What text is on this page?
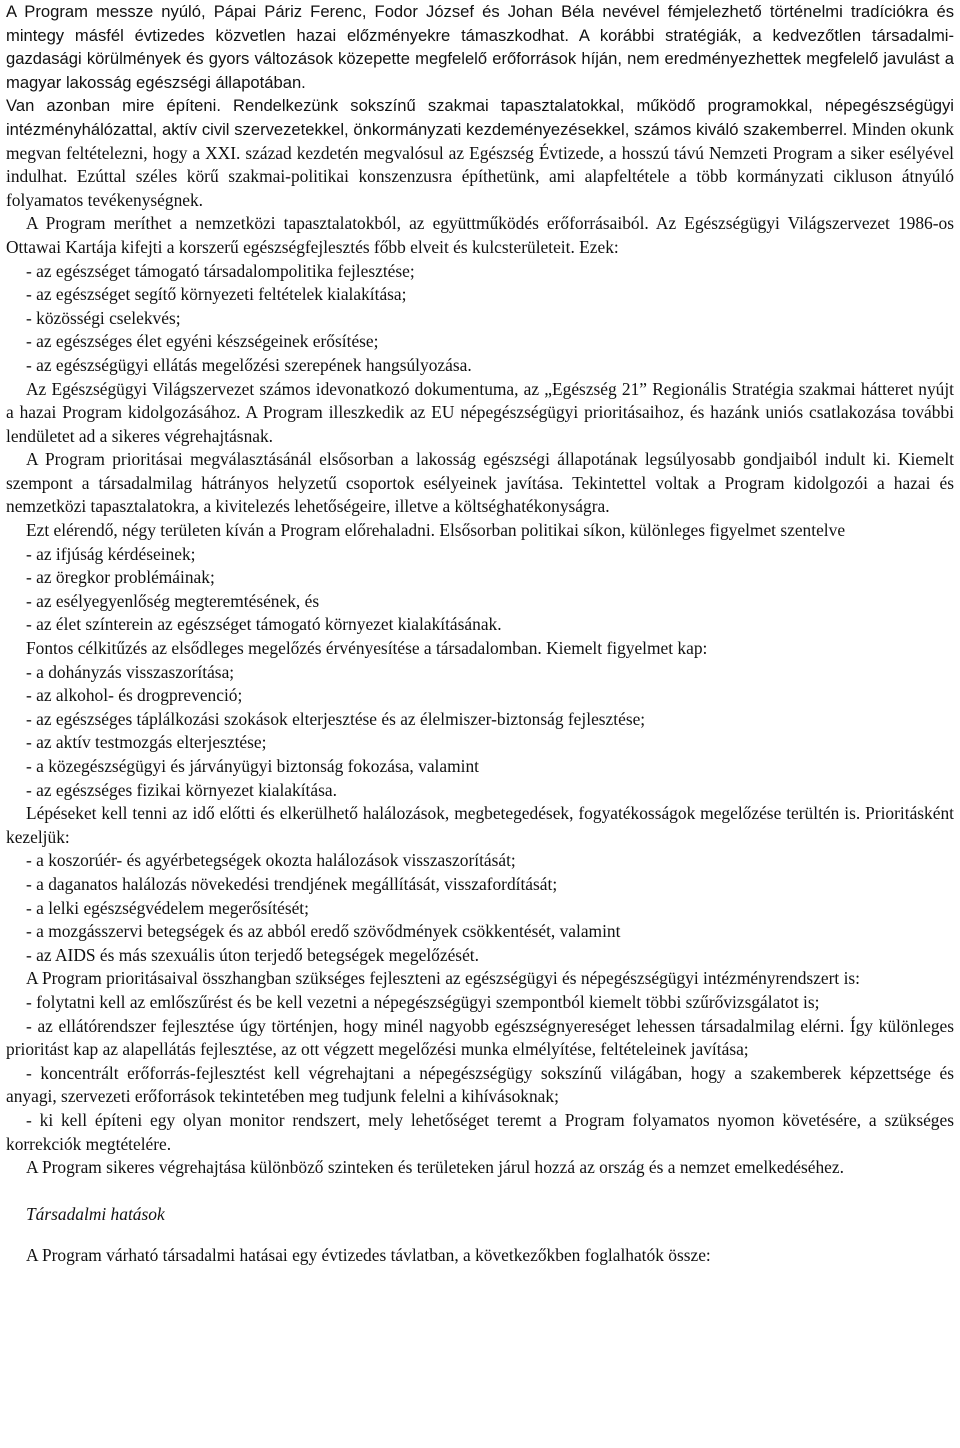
A Program messze nyúló, Pápai Páriz Ferenc, Fodor József és Johan Béla nevével fémjelezhető történelmi tradíciókra és mintegy másfél évtizedes közvetlen hazai előzményekre támaszkodhat. A korábbi stratégiák, a kedvezőtlen társadalmi-gazdasági körülmények és gyors változások közepette megfelelő erőforrások híján, nem eredményezhettek megfelelő javulást a magyar lakosság egészségi állapotában.

Van azonban mire építeni. Rendelkezünk sokszínű szakmai tapasztalatokkal, működő programokkal, népegészségügyi intézményhálózattal, aktív civil szervezetekkel, önkormányzati kezdeményezésekkel, számos kiváló szakemberrel. Minden okunk megvan feltételezni, hogy a XXI. század kezdetén megvalósul az Egészség Évtizede, a hosszú távú Nemzeti Program a siker esélyével indulhat. Ezúttal széles körű szakmai-politikai konszenzusra építhetünk, ami alapfeltétele a több kormányzati cikluson átnyúló folyamatos tevékenységnek.

A Program meríthet a nemzetközi tapasztalatokból, az együttműködés erőforrásaiból. Az Egészségügyi Világszervezet 1986-os Ottawai Kartája kifejti a korszerű egészségfejlesztés főbb elveit és kulcsterületeit. Ezek:

- az egészséget támogató társadalompolitika fejlesztése;

- az egészséget segítő környezeti feltételek kialakítása;

- közösségi cselekvés;

- az egészséges élet egyéni készségeinek erősítése;

- az egészségügyi ellátás megelőzési szerepének hangsúlyozása.

Az Egészségügyi Világszervezet számos idevonatkozó dokumentuma, az „Egészség 21” Regionális Stratégia szakmai hátteret nyújt a hazai Program kidolgozásához. A Program illeszkedik az EU népegészségügyi prioritásaihoz, és hazánk uniós csatlakozása további lendületet ad a sikeres végrehajtásnak.

A Program prioritásai megválasztásánál elsősorban a lakosság egészségi állapotának legsúlyosabb gondjaiból indult ki. Kiemelt szempont a társadalmilag hátrányos helyzetű csoportok esélyeinek javítása. Tekintettel voltak a Program kidolgozói a hazai és nemzetközi tapasztalatokra, a kivitelezés lehetőségeire, illetve a költséghatékonyságra.

Ezt elérendő, négy területen kíván a Program előrehaladni. Elsősorban politikai síkon, különleges figyelmet szentelve

- az ifjúság kérdéseinek;

- az öregkor problémáinak;

- az esélyegyenlőség megteremtésének, és

- az élet színterein az egészséget támogató környezet kialakításának.

Fontos célkitűzés az elsődleges megelőzés érvényesítése a társadalomban. Kiemelt figyelmet kap:

- a dohányzás visszaszorítása;

- az alkohol- és drogprevenció;

- az egészséges táplálkozási szokások elterjesztése és az élelmiszer-biztonság fejlesztése;

- az aktív testmozgás elterjesztése;

- a közegészségügyi és járványügyi biztonság fokozása, valamint

- az egészséges fizikai környezet kialakítása.

Lépéseket kell tenni az idő előtti és elkerülhető halálozások, megbetegedések, fogyatékosságok megelőzése terültén is. Prioritásként kezeljük:

- a koszorúér- és agyérbetegségek okozta halálozások visszaszorítását;

- a daganatos halálozás növekedési trendjének megállítását, visszafordítását;

- a lelki egészségvédelem megerősítését;

- a mozgásszervi betegségek és az abból eredő szövődmények csökkentését, valamint

- az AIDS és más szexuális úton terjedő betegségek megelőzését.

A Program prioritásaival összhangban szükséges fejleszteni az egészségügyi és népegészségügyi intézményrendszert is:

- folytatni kell az emlőszűrést és be kell vezetni a népegészségügyi szempontból kiemelt többi szűrővizsgálatot is;

- az ellátórendszer fejlesztése úgy történjen, hogy minél nagyobb egészségnyereséget lehessen társadalmilag elérni. Így különleges prioritást kap az alapellátás fejlesztése, az ott végzett megelőzési munka elmélyítése, feltételeinek javítása;

- koncentrált erőforrás-fejlesztést kell végrehajtani a népegészségügy sokszínű világában, hogy a szakemberek képzettsége és anyagi, szervezeti erőforrások tekintetében meg tudjunk felelni a kihívásoknak;

- ki kell építeni egy olyan monitor rendszert, mely lehetőséget teremt a Program folyamatos nyomon követésére, a szükséges korrekciók megtételére.

A Program sikeres végrehajtása különböző szinteken és területeken járul hozzá az ország és a nemzet emelkedéséhez.

Társadalmi hatások

A Program várható társadalmi hatásai egy évtizedes távlatban, a következőkben foglalhatók össze:
